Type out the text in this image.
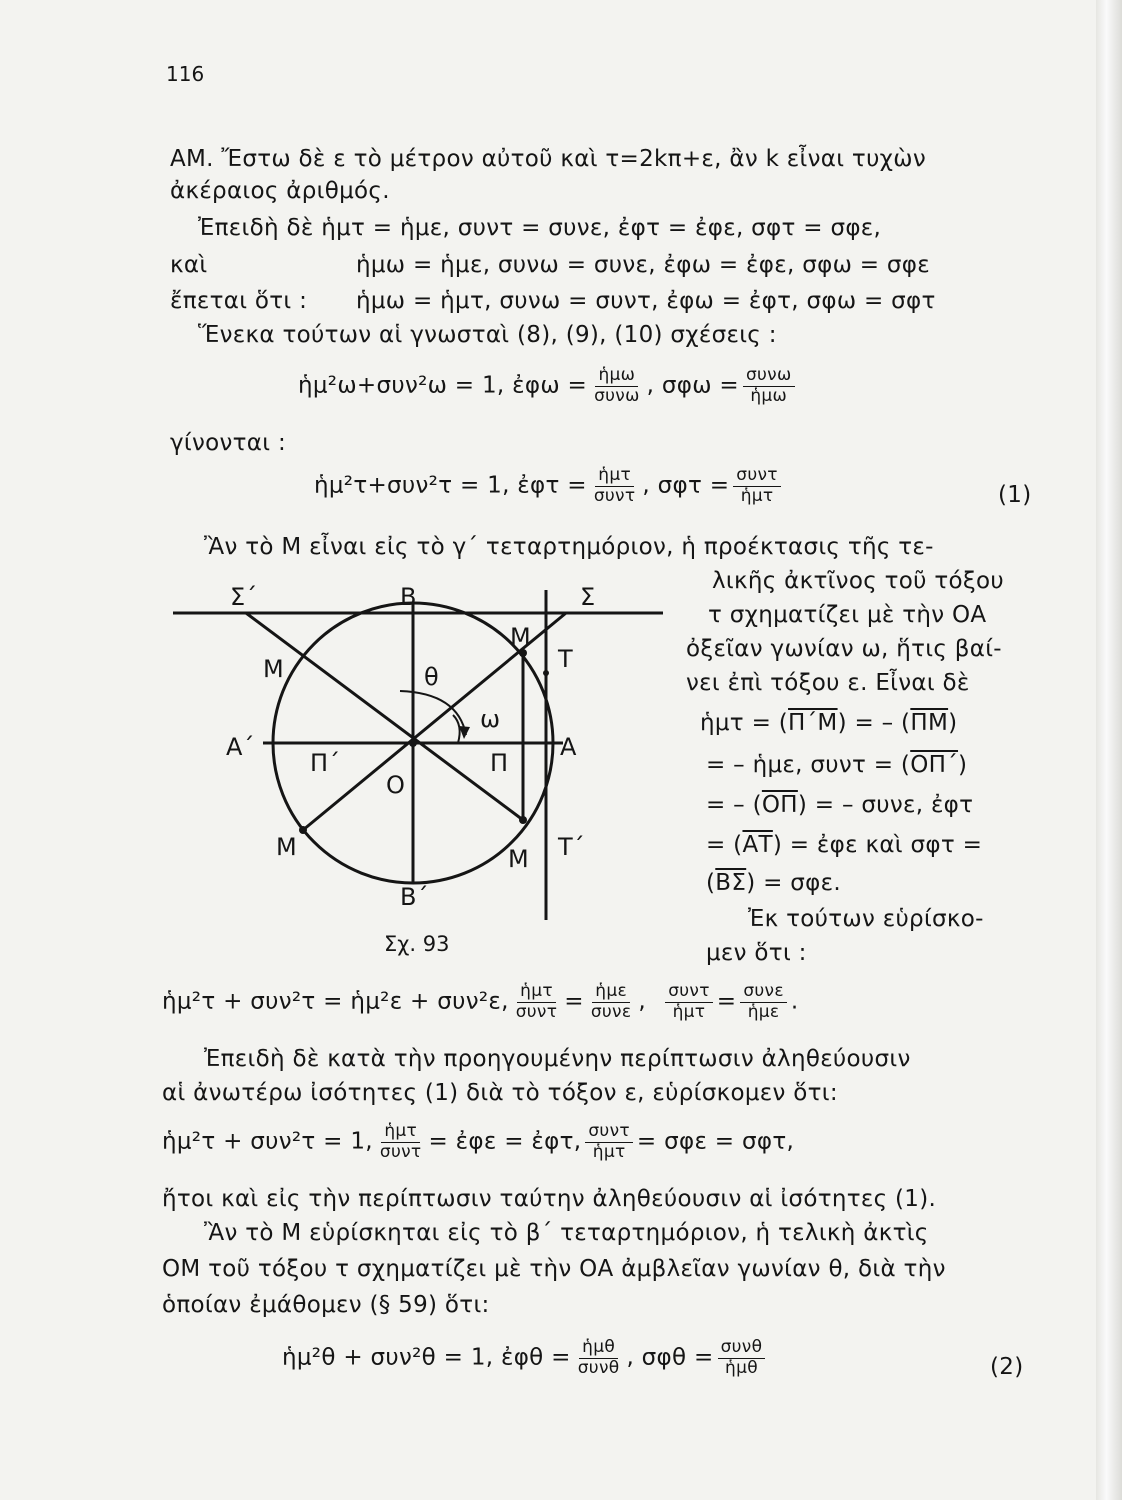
116
AM. Ἔστω δὲ ε τὸ μέτρον αὐτοῦ καὶ τ=2kπ+ε, ἂν k εἶναι τυχὼν
ἀκέραιος ἀριθμός.
Ἐπειδὴ δὲ ἡμτ = ἡμε, συντ = συνε, ἐφτ = ἐφε, σφτ = σφε,
καὶ	ἡμω = ἡμε, συνω = συνε, ἐφω = ἐφε, σφω = σφε
ἔπεται ὅτι : ἡμω = ἡμτ, συνω = συντ, ἐφω = ἐφτ, σφω = σφτ
Ἕνεκα τούτων αἱ γνωσταὶ (8), (9), (10) σχέσεις :
ἡμ²ω+συν²ω = 1, ἐφω = $\frac{\text{ἡμω}}{\text{συνω}}$ , $\sigma\varphi\omega = \frac{\text{συνω}}{\text{ἡμω}}$
γίνονται :
ἡμ²τ+συν²τ = 1, ἐφτ = $\frac{\text{ἡμτ}}{\text{συντ}}$ , $\sigma\varphi\tau = \frac{\text{συντ}}{\text{ἡμτ}}$	(1)
Ἂν τὸ Μ εἶναι εἰς τὸ γ΄ τεταρτημόριον, ἡ προέκτασις τῆς τε-
λικῆς ἀκτῖνος τοῦ τόξου
τ σχηματίζει μὲ τὴν ΟΑ
ὀξεῖαν γωνίαν ω, ἥτις βαί-
νει ἐπὶ τόξου ε. Εἶναι δὲ
ἡμτ = $(\overline{\Pi΄M})$ = – $(\overline{\Pi M})$
= – ἡμε, $\sigma\upsilon\nu\tau = (\overline{O\Pi΄})$
= – $(\overline{O\Pi})$ = – συνε, ἐφτ
= $(\overline{AT})$ = ἐφε καὶ σφτ =
$(\overline{B\Sigma}) = \sigma\varphi\varepsilon$.
Ἐκ τούτων εὑρίσκο-
μεν ὅτι :
Σ΄	Β	Σ
Μ
Μ
Τ
θ
ω
Α΄
Π΄	Π
Α
Ο
Μ	Μ Τ΄
Β΄
Σχ. 93
ἡμ²τ + συν²τ = ἡμ²ε + συν²ε, $\frac{\text{ἡμτ}}{\text{συντ}} = \frac{\text{ἡμε}}{\text{συνε}}$ , $\frac{\text{συντ}}{\text{ἡμτ}} = \frac{\text{συνε}}{\text{ἡμε}}$ .
Ἐπειδὴ δὲ κατὰ τὴν προηγουμένην περίπτωσιν ἀληθεύουσιν
αἱ ἀνωτέρω ἰσότητες (1) διὰ τὸ τόξον ε, εὑρίσκομεν ὅτι:
ἡμ²τ + συν²τ = 1, $\frac{\text{ἡμτ}}{\text{συντ}}$ = ἐφε = ἐφτ, $\frac{\text{συντ}}{\text{ἡμτ}} = \sigma\varphi\varepsilon = \sigma\varphi\tau$,
ἤτοι καὶ εἰς τὴν περίπτωσιν ταύτην ἀληθεύουσιν αἱ ἰσότητες (1).
Ἂν τὸ Μ εὑρίσκηται εἰς τὸ β΄ τεταρτημόριον, ἡ τελικὴ ἀκτὶς
ΟΜ τοῦ τόξου τ σχηματίζει μὲ τὴν ΟΑ ἀμβλεῖαν γωνίαν θ, διὰ τὴν
ὁποίαν ἐμάθομεν (§ 59) ὅτι:
ἡμ²θ + συν²θ = 1, ἐφθ = $\frac{\text{ἡμθ}}{\text{συνθ}}$ , $\sigma\varphi\theta = \frac{\text{συνθ}}{\text{ἡμθ}}$	(2)
